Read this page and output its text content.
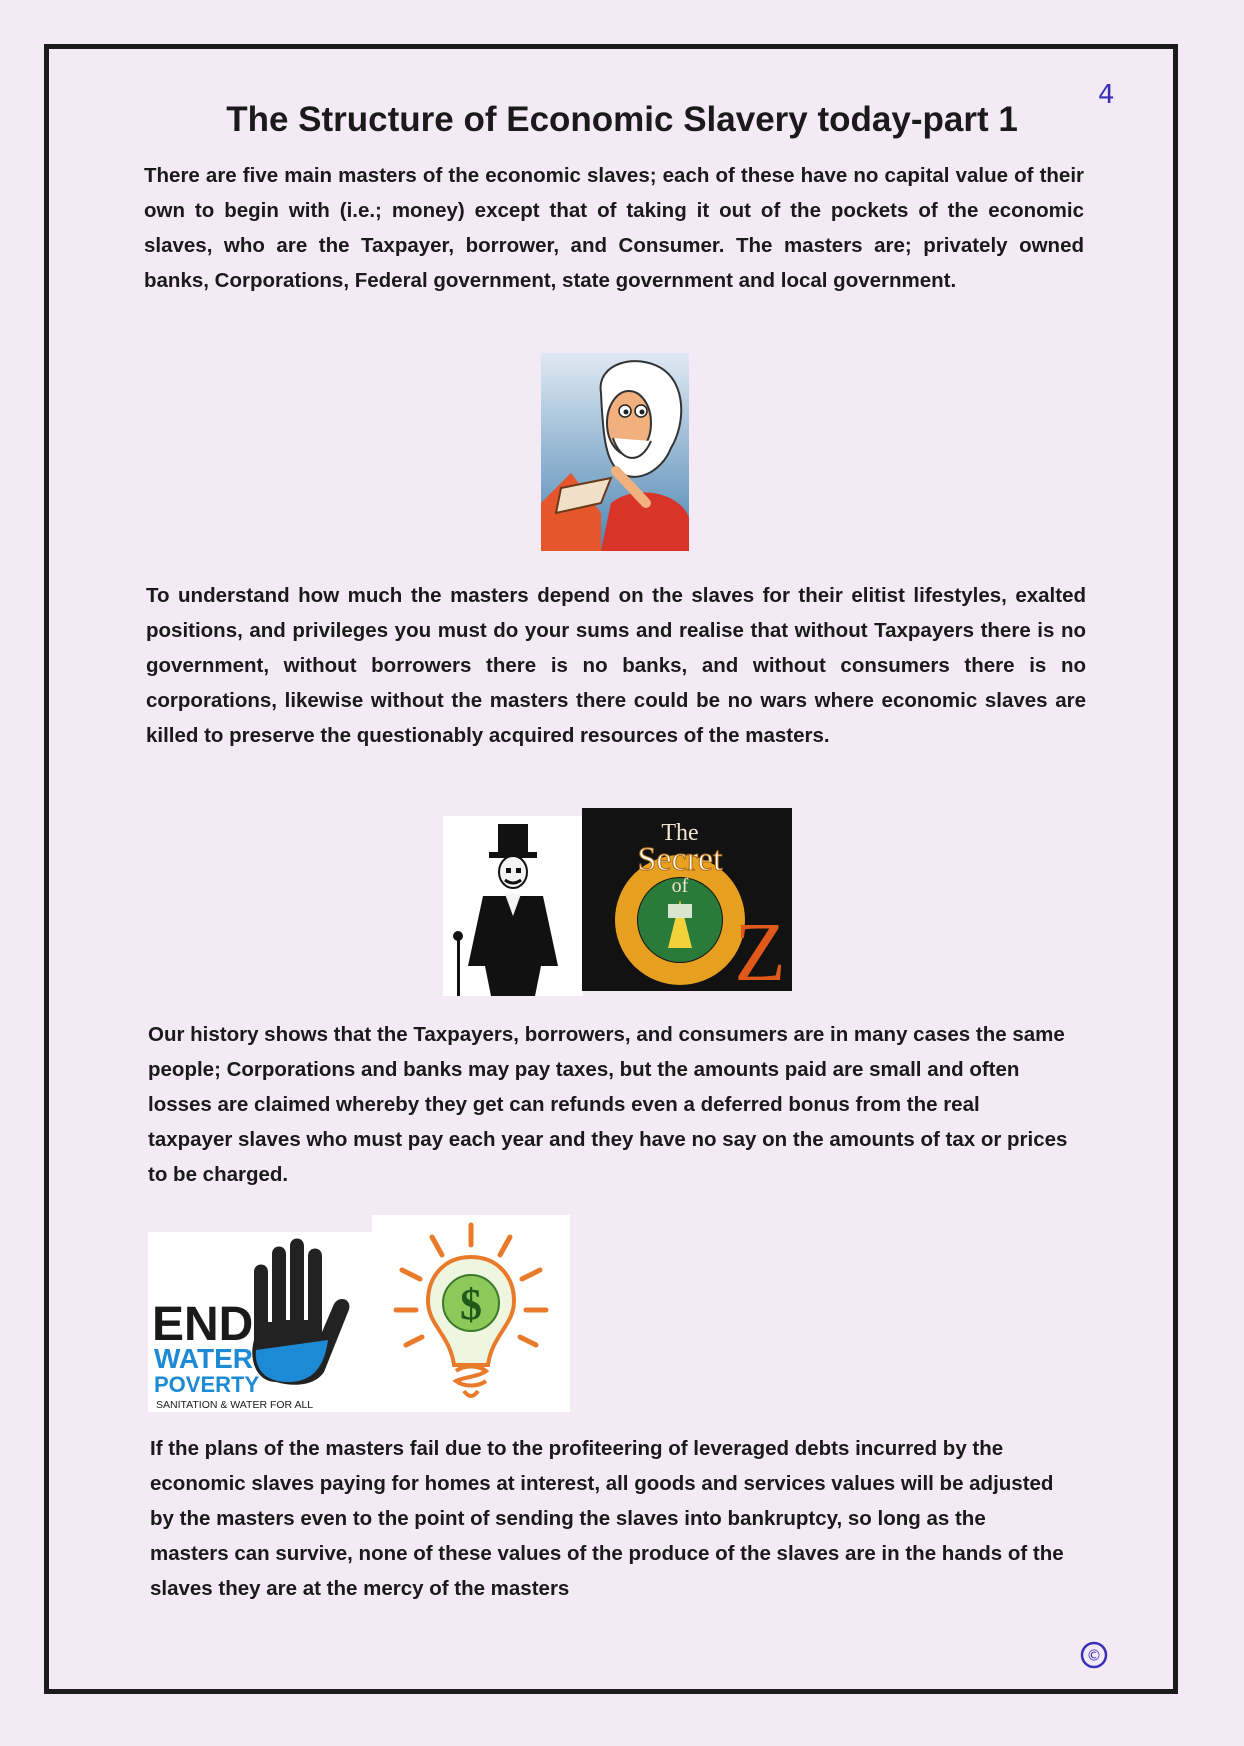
4
The Structure of Economic Slavery today-part 1

There are five main masters of the economic slaves; each of these have no capital value of their own to begin with (i.e.; money) except that of taking it out of the pockets of the economic slaves, who are the Taxpayer, borrower, and Consumer. The masters are; privately owned banks, Corporations, Federal government, state government and local government.

To understand how much the masters depend on the slaves for their elitist lifestyles, exalted positions, and privileges you must do your sums and realise that without Taxpayers there is no government, without borrowers there is no banks, and without consumers there is no corporations, likewise without the masters there could be no wars where economic slaves are killed to preserve the questionably acquired resources of the masters.

The
Secret
of
Z

Our history shows that the Taxpayers, borrowers, and consumers are in many cases the same people; Corporations and banks may pay taxes, but the amounts paid are small and often losses are claimed whereby they get can refunds even a deferred bonus from the real taxpayer slaves who must pay each year and they have no say on the amounts of tax or prices to be charged.

END
WATER
POVERTY
SANITATION & WATER FOR ALL
$

If the plans of the masters fail due to the profiteering of leveraged debts incurred by the economic slaves paying for homes at interest, all goods and services values will be adjusted by the masters even to the point of sending the slaves into bankruptcy, so long as the masters can survive, none of these values of the produce of the slaves are in the hands of the slaves they are at the mercy of the masters

©
